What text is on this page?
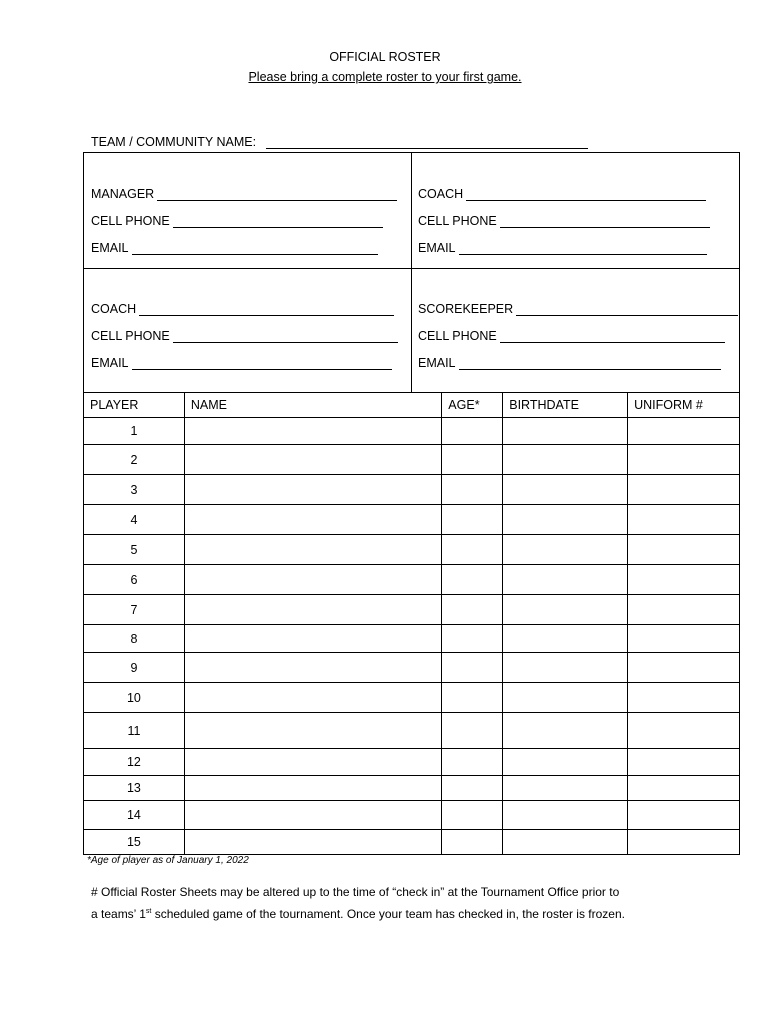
OFFICIAL ROSTER
Please bring a complete roster to your first game.
TEAM / COMMUNITY NAME:
MANAGER
CELL PHONE
EMAIL
COACH
CELL PHONE
EMAIL
COACH
CELL PHONE
EMAIL
SCOREKEEPER
CELL PHONE
EMAIL
PLAYER	NAME	AGE*	BIRTHDATE	UNIFORM #
1				
2				
3				
4				
5				
6				
7				
8				
9				
10				
11				
12				
13				
14				
15				
*Age of player as of January 1, 2022
# Official Roster Sheets may be altered up to the time of “check in” at the Tournament Office prior to
a teams’ 1st scheduled game of the tournament. Once your team has checked in, the roster is frozen.
